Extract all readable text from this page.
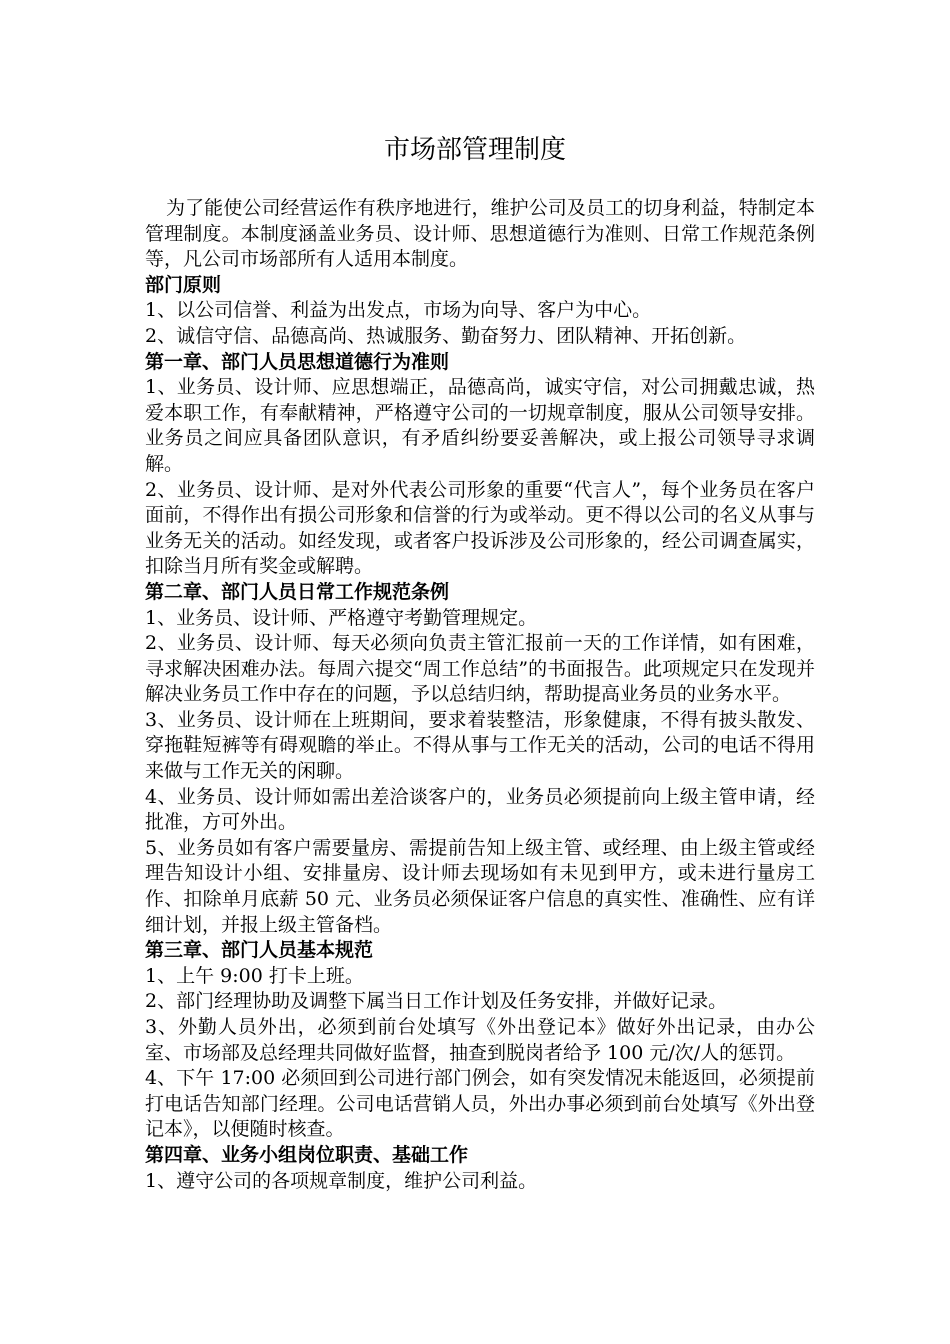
市场部管理制度

为了能使公司经营运作有秩序地进行，维护公司及员工的切身利益，特制定本管理制度。本制度涵盖业务员、设计师、思想道德行为准则、日常工作规范条例等，凡公司市场部所有人适用本制度。

部门原则

1、以公司信誉、利益为出发点，市场为向导、客户为中心。

2、诚信守信、品德高尚、热诚服务、勤奋努力、团队精神、开拓创新。

第一章、部门人员思想道德行为准则

1、业务员、设计师、应思想端正，品德高尚，诚实守信，对公司拥戴忠诚，热爱本职工作，有奉献精神，严格遵守公司的一切规章制度，服从公司领导安排。业务员之间应具备团队意识，有矛盾纠纷要妥善解决，或上报公司领导寻求调解。

2、业务员、设计师、是对外代表公司形象的重要“代言人”，每个业务员在客户面前，不得作出有损公司形象和信誉的行为或举动。更不得以公司的名义从事与业务无关的活动。如经发现，或者客户投诉涉及公司形象的，经公司调查属实，扣除当月所有奖金或解聘。

第二章、部门人员日常工作规范条例

1、业务员、设计师、严格遵守考勤管理规定。

2、业务员、设计师、每天必须向负责主管汇报前一天的工作详情，如有困难，寻求解决困难办法。每周六提交“周工作总结”的书面报告。此项规定只在发现并解决业务员工作中存在的问题，予以总结归纳，帮助提高业务员的业务水平。

3、业务员、设计师在上班期间，要求着装整洁，形象健康，不得有披头散发、穿拖鞋短裤等有碍观瞻的举止。不得从事与工作无关的活动，公司的电话不得用来做与工作无关的闲聊。

4、业务员、设计师如需出差洽谈客户的，业务员必须提前向上级主管申请，经批准，方可外出。

5、业务员如有客户需要量房、需提前告知上级主管、或经理、由上级主管或经理告知设计小组、安排量房、设计师去现场如有未见到甲方，或未进行量房工作、扣除单月底薪 50 元、业务员必须保证客户信息的真实性、准确性、应有详细计划，并报上级主管备档。

第三章、部门人员基本规范

1、上午 9:00 打卡上班。

2、部门经理协助及调整下属当日工作计划及任务安排，并做好记录。

3、外勤人员外出，必须到前台处填写《外出登记本》做好外出记录，由办公室、市场部及总经理共同做好监督，抽查到脱岗者给予 100 元/次/人的惩罚。

4、下午 17:00 必须回到公司进行部门例会，如有突发情况未能返回，必须提前打电话告知部门经理。公司电话营销人员，外出办事必须到前台处填写《外出登记本》，以便随时核查。

第四章、业务小组岗位职责、基础工作

1、遵守公司的各项规章制度，维护公司利益。
